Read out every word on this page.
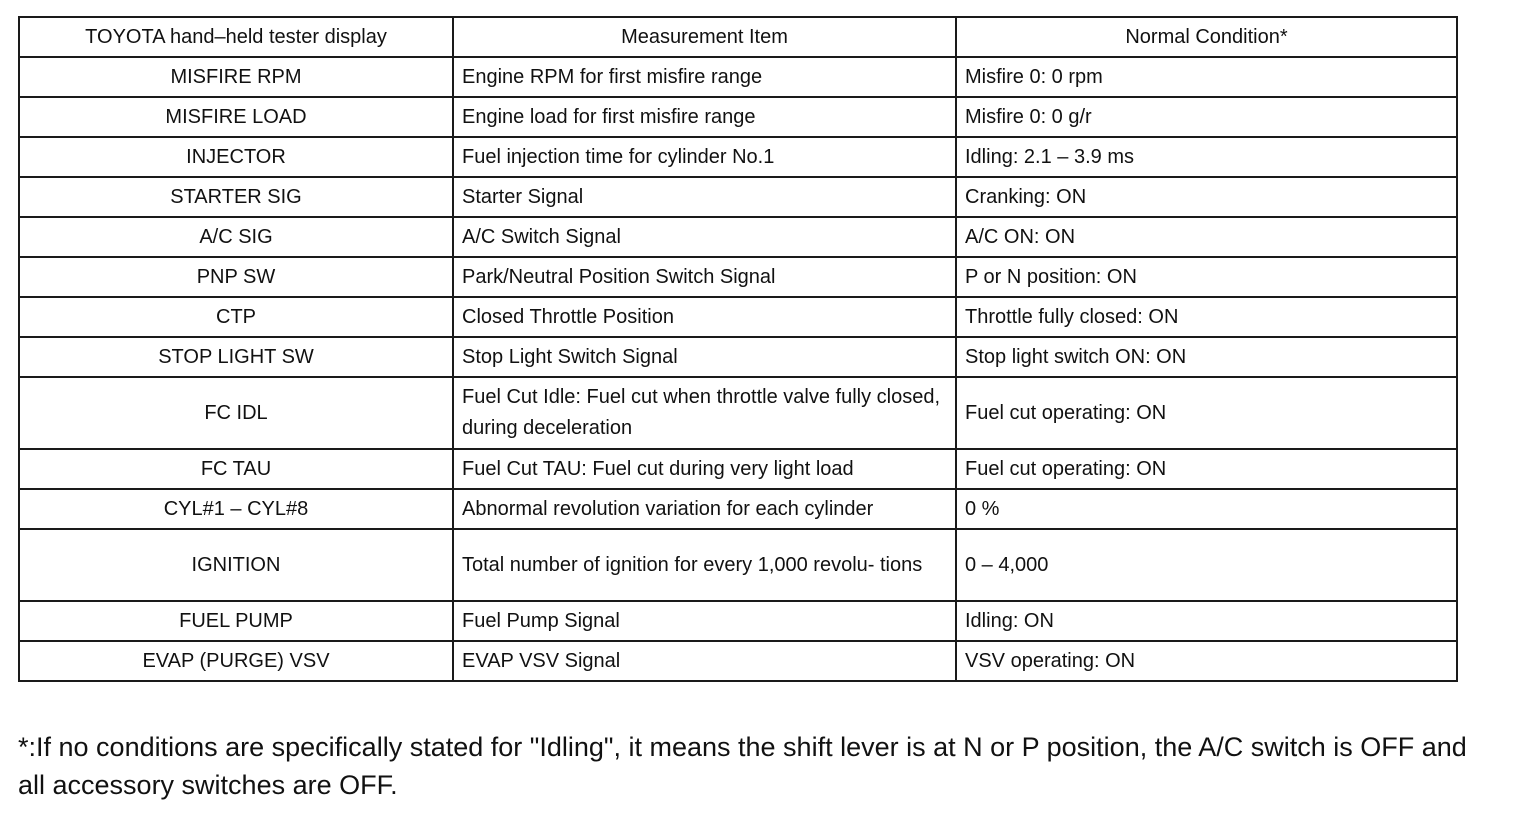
TOYOTA hand–held tester display	Measurement Item	Normal Condition*
MISFIRE RPM	Engine RPM for first misfire range	Misfire 0: 0 rpm
MISFIRE LOAD	Engine load for first misfire range	Misfire 0: 0 g/r
INJECTOR	Fuel injection time for cylinder No.1	Idling: 2.1 – 3.9 ms
STARTER SIG	Starter Signal	Cranking: ON
A/C SIG	A/C Switch Signal	A/C ON: ON
PNP SW	Park/Neutral Position Switch Signal	P or N position: ON
CTP	Closed Throttle Position	Throttle fully closed: ON
STOP LIGHT SW	Stop Light Switch Signal	Stop light switch ON: ON
FC IDL	Fuel Cut Idle: Fuel cut when throttle valve fully closed, during deceleration	Fuel cut operating: ON
FC TAU	Fuel Cut TAU: Fuel cut during very light load	Fuel cut operating: ON
CYL#1 – CYL#8	Abnormal revolution variation for each cylinder	0 %
IGNITION	Total number of ignition for every 1,000 revolu- tions	0 – 4,000
FUEL PUMP	Fuel Pump Signal	Idling: ON
EVAP (PURGE) VSV	EVAP VSV Signal	VSV operating: ON
*:If no conditions are specifically stated for "Idling", it means the shift lever is at N or P position, the A/C switch is OFF and all accessory switches are OFF.
